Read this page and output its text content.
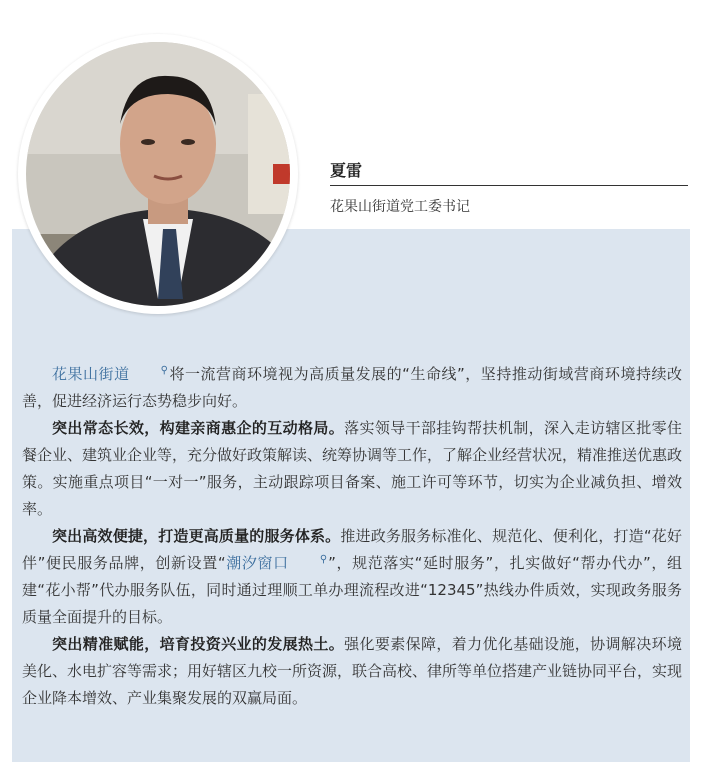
夏雷
花果山街道党工委书记

花果山街道	⚲将一流营商环境视为高质量发展的“生命线”，坚持推动街域营商环境持续改善，促进经济运行态势稳步向好。

突出常态长效，构建亲商惠企的互动格局。落实领导干部挂钩帮扶机制，深入走访辖区批零住餐企业、建筑业企业等，充分做好政策解读、统筹协调等工作，了解企业经营状况，精准推送优惠政策。实施重点项目“一对一”服务，主动跟踪项目备案、施工许可等环节，切实为企业减负担、增效率。

突出高效便捷，打造更高质量的服务体系。推进政务服务标准化、规范化、便利化，打造“花好伴”便民服务品牌，创新设置“潮汐窗口	⚲”，规范落实“延时服务”，扎实做好“帮办代办”，组建“花小帮”代办服务队伍，同时通过理顺工单办理流程改进“12345”热线办件质效，实现政务服务质量全面提升的目标。

突出精准赋能，培育投资兴业的发展热土。强化要素保障，着力优化基础设施，协调解决环境美化、水电扩容等需求；用好辖区九校一所资源，联合高校、律所等单位搭建产业链协同平台，实现企业降本增效、产业集聚发展的双赢局面。
